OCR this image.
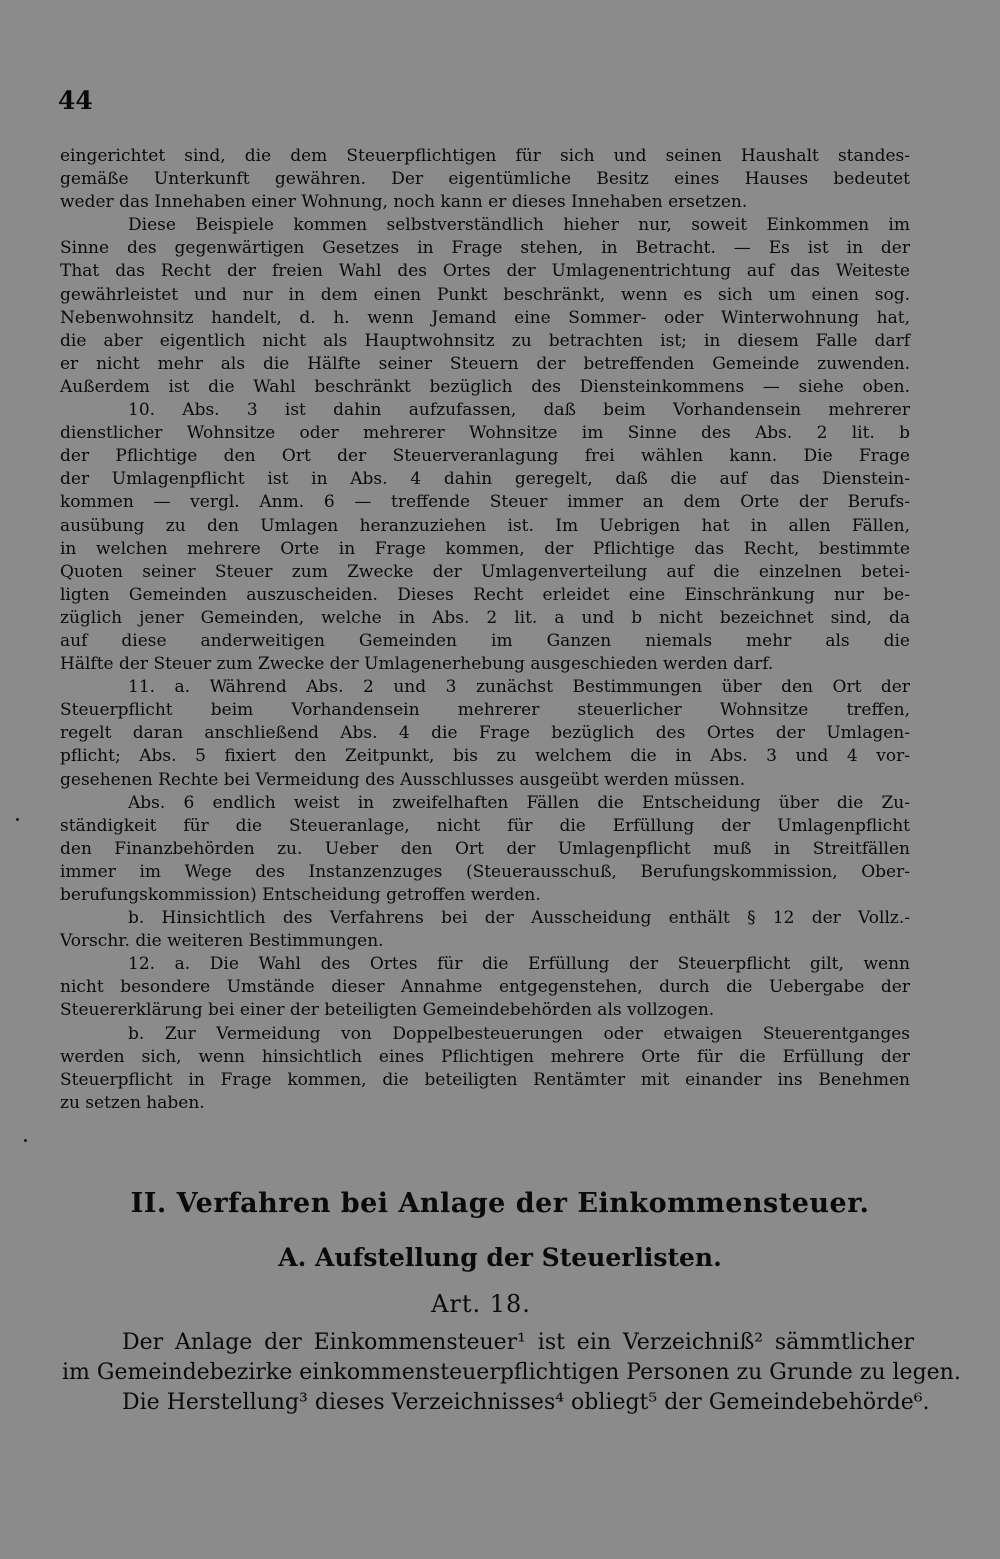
44
eingerichtet sind, die dem Steuerpflichtigen für sich und seinen Haushalt standes-
gemäße Unterkunft gewähren. Der eigentümliche Besitz eines Hauses bedeutet
weder das Innehaben einer Wohnung, noch kann er dieses Innehaben ersetzen.
Diese Beispiele kommen selbstverständlich hieher nur, soweit Einkommen im
Sinne des gegenwärtigen Gesetzes in Frage stehen, in Betracht. — Es ist in der
That das Recht der freien Wahl des Ortes der Umlagenentrichtung auf das Weiteste
gewährleistet und nur in dem einen Punkt beschränkt, wenn es sich um einen sog.
Nebenwohnsitz handelt, d. h. wenn Jemand eine Sommer- oder Winterwohnung hat,
die aber eigentlich nicht als Hauptwohnsitz zu betrachten ist; in diesem Falle darf
er nicht mehr als die Hälfte seiner Steuern der betreffenden Gemeinde zuwenden.
Außerdem ist die Wahl beschränkt bezüglich des Diensteinkommens — siehe oben.
10. Abs. 3 ist dahin aufzufassen, daß beim Vorhandensein mehrerer
dienstlicher Wohnsitze oder mehrerer Wohnsitze im Sinne des Abs. 2 lit. b
der Pflichtige den Ort der Steuerveranlagung frei wählen kann. Die Frage
der Umlagenpflicht ist in Abs. 4 dahin geregelt, daß die auf das Dienstein-
kommen — vergl. Anm. 6 — treffende Steuer immer an dem Orte der Berufs-
ausübung zu den Umlagen heranzuziehen ist. Im Uebrigen hat in allen Fällen,
in welchen mehrere Orte in Frage kommen, der Pflichtige das Recht, bestimmte
Quoten seiner Steuer zum Zwecke der Umlagenverteilung auf die einzelnen betei-
ligten Gemeinden auszuscheiden. Dieses Recht erleidet eine Einschränkung nur be-
züglich jener Gemeinden, welche in Abs. 2 lit. a und b nicht bezeichnet sind, da
auf diese anderweitigen Gemeinden im Ganzen niemals mehr als die
Hälfte der Steuer zum Zwecke der Umlagenerhebung ausgeschieden werden darf.
11. a. Während Abs. 2 und 3 zunächst Bestimmungen über den Ort der
Steuerpflicht beim Vorhandensein mehrerer steuerlicher Wohnsitze treffen,
regelt daran anschließend Abs. 4 die Frage bezüglich des Ortes der Umlagen-
pflicht; Abs. 5 fixiert den Zeitpunkt, bis zu welchem die in Abs. 3 und 4 vor-
gesehenen Rechte bei Vermeidung des Ausschlusses ausgeübt werden müssen.
Abs. 6 endlich weist in zweifelhaften Fällen die Entscheidung über die Zu-
ständigkeit für die Steueranlage, nicht für die Erfüllung der Umlagenpflicht
den Finanzbehörden zu. Ueber den Ort der Umlagenpflicht muß in Streitfällen
immer im Wege des Instanzenzuges (Steuerausschuß, Berufungskommission, Ober-
berufungskommission) Entscheidung getroffen werden.
b. Hinsichtlich des Verfahrens bei der Ausscheidung enthält § 12 der Vollz.-
Vorschr. die weiteren Bestimmungen.
12. a. Die Wahl des Ortes für die Erfüllung der Steuerpflicht gilt, wenn
nicht besondere Umstände dieser Annahme entgegenstehen, durch die Uebergabe der
Steuererklärung bei einer der beteiligten Gemeindebehörden als vollzogen.
b. Zur Vermeidung von Doppelbesteuerungen oder etwaigen Steuerentganges
werden sich, wenn hinsichtlich eines Pflichtigen mehrere Orte für die Erfüllung der
Steuerpflicht in Frage kommen, die beteiligten Rentämter mit einander ins Benehmen
zu setzen haben.
II. Verfahren bei Anlage der Einkommensteuer.
A. Aufstellung der Steuerlisten.
Art. 18.
Der Anlage der Einkommensteuer¹ ist ein Verzeichniß² sämmtlicher
im Gemeindebezirke einkommensteuerpflichtigen Personen zu Grunde zu legen.
Die Herstellung³ dieses Verzeichnisses⁴ obliegt⁵ der Gemeindebehörde⁶.
